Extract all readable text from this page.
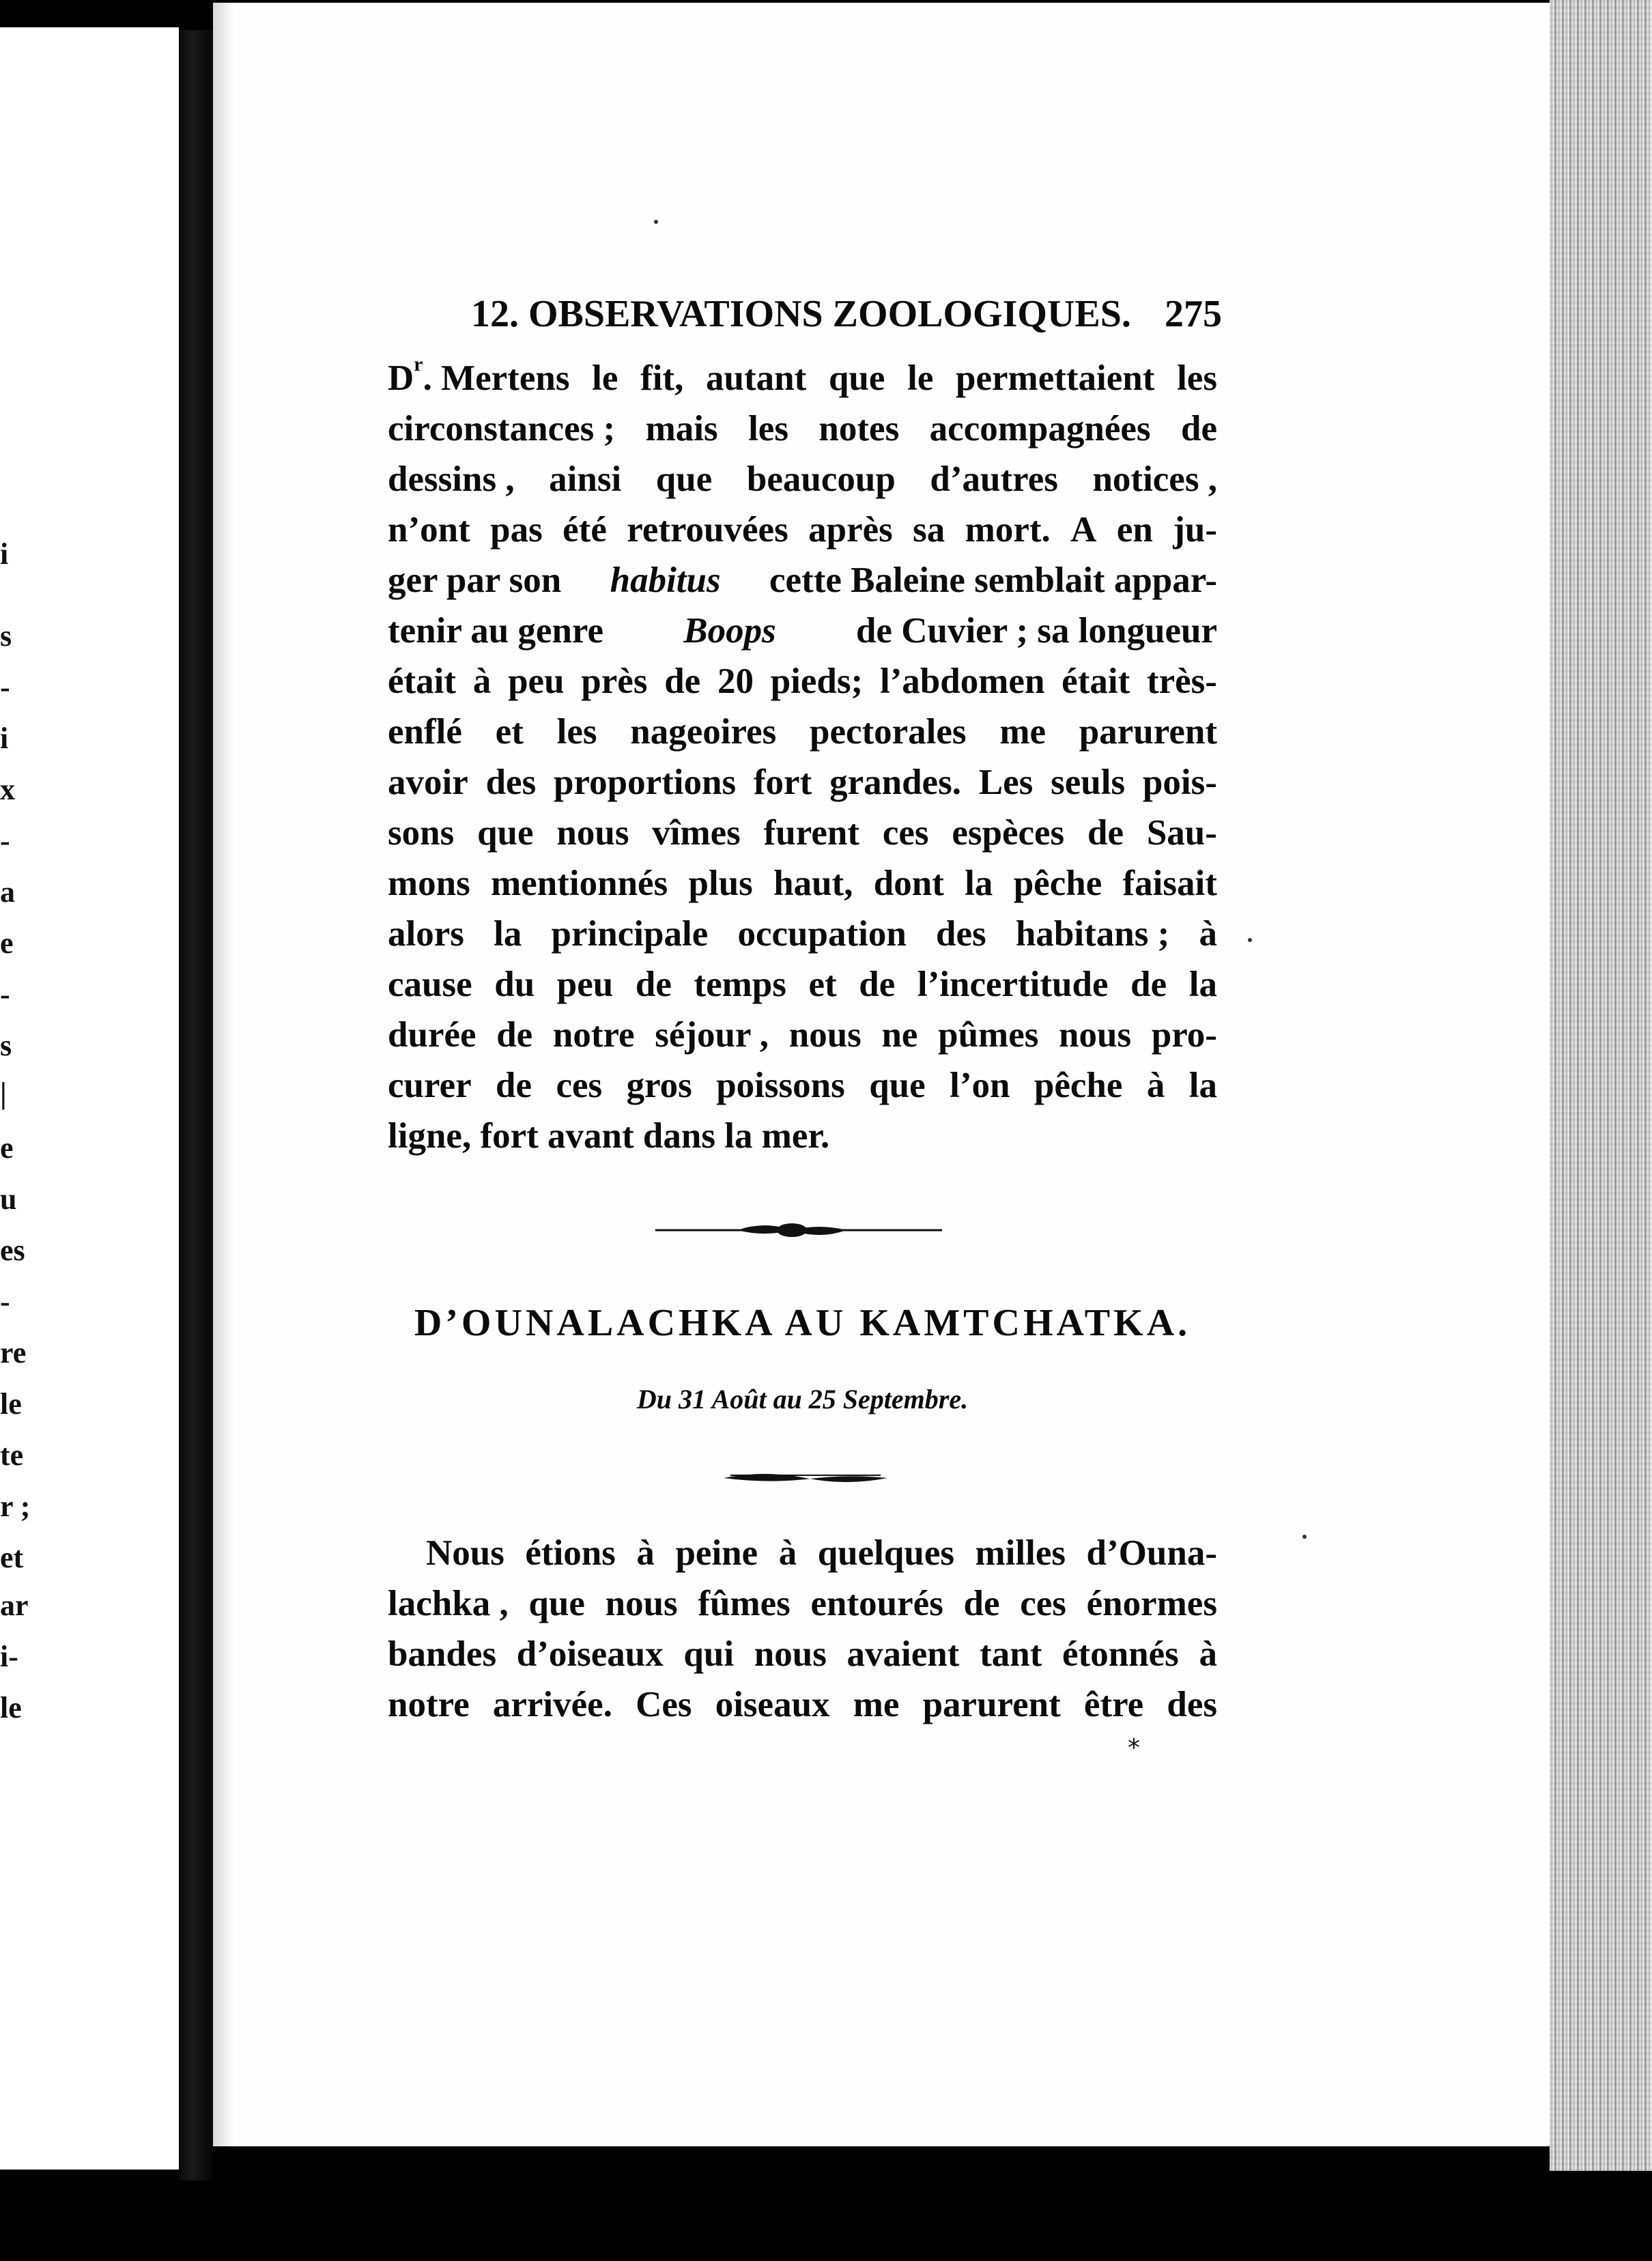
i
s
-
i
x
-
a
e
-
s
|
e
u
es
-
re
le
te
r ;
et
ar
i-
le
12. OBSERVATIONS ZOOLOGIQUES. 275
$D^r$. Mertens le fit, autant que le permettaient les
circonstances ; mais les notes accompagnées de
dessins , ainsi que beaucoup d’autres notices ,
n’ont pas été retrouvées après sa mort. A en ju-
ger par son habitus cette Baleine semblait appar-
tenir au genre Boops de Cuvier ; sa longueur
était à peu près de 20 pieds; l’abdomen était très-
enflé et les nageoires pectorales me parurent
avoir des proportions fort grandes. Les seuls pois-
sons que nous vîmes furent ces espèces de Sau-
mons mentionnés plus haut, dont la pêche faisait
alors la principale occupation des habitans ; à
cause du peu de temps et de l’incertitude de la
durée de notre séjour , nous ne pûmes nous pro-
curer de ces gros poissons que l’on pêche à la
ligne, fort avant dans la mer.
D’OUNALACHKA AU KAMTCHATKA.
Du 31 Août au 25 Septembre.
Nous étions à peine à quelques milles d’Ouna-
lachka , que nous fûmes entourés de ces énormes
bandes d’oiseaux qui nous avaient tant étonnés à
notre arrivée. Ces oiseaux me parurent être des
*
